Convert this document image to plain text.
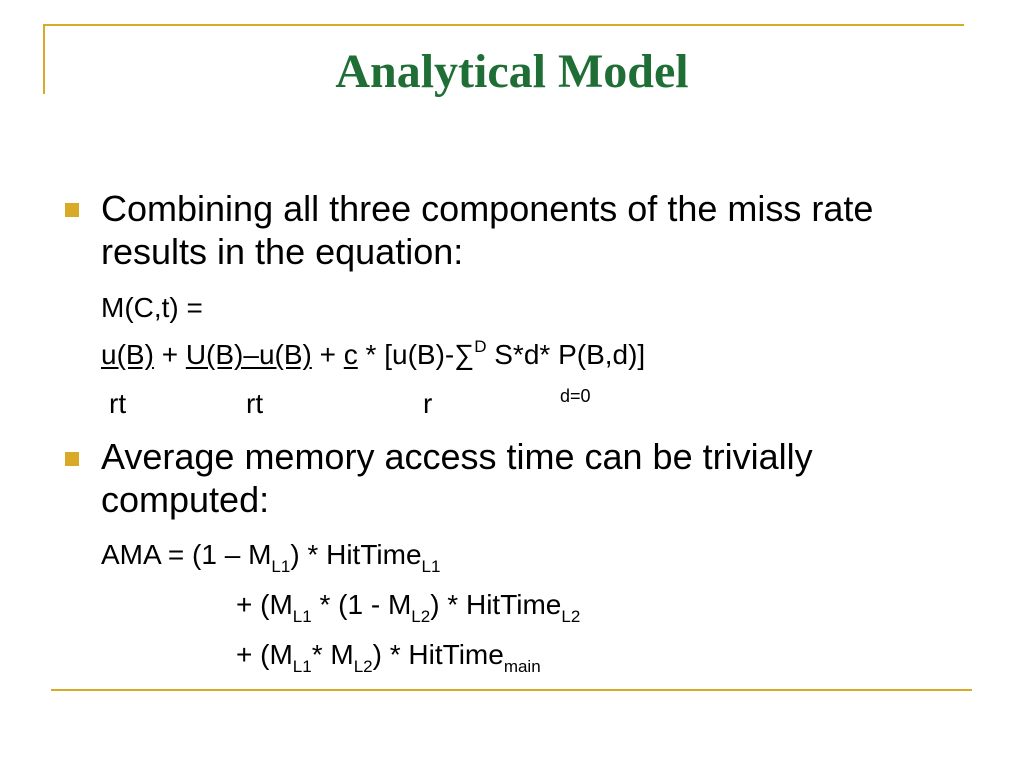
Analytical Model
Combining all three components of the miss rate results in the equation:
M(C,t) =
u(B) + U(B)–u(B) + c * [u(B)-∑$^D$ S*d* P(B,d)]
rt	rt	r	d=0
Average memory access time can be trivially computed:
AMA = $(1 - M_{L1})$ * HitTime$_{L1}$
+ ($M_{L1} * (1 - M_{L2})$ * HitTime$_{L2}$
+ ($M_{L1}*$ $M_{L2}$) * HitTime$_{main}$
